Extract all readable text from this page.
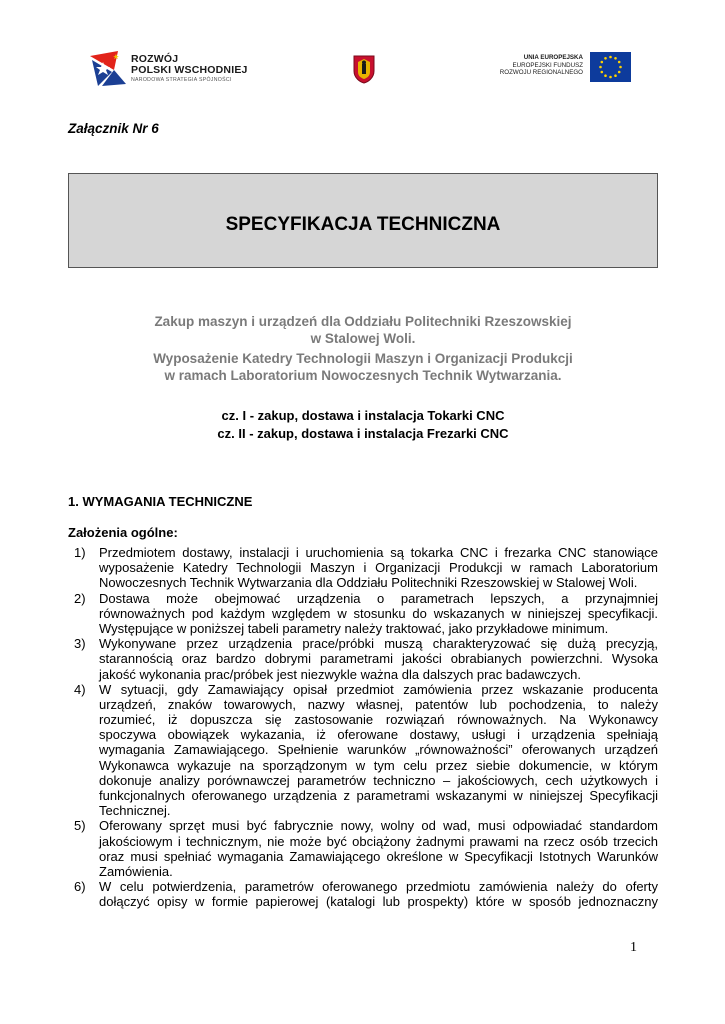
ROZWÓJ
POLSKI WSCHODNIEJ
NARODOWA STRATEGIA SPÓJNOŚCI
UNIA EUROPEJSKA
EUROPEJSKI FUNDUSZ
ROZWOJU REGIONALNEGO
Załącznik Nr 6
SPECYFIKACJA TECHNICZNA
Zakup maszyn i urządzeń dla Oddziału Politechniki Rzeszowskiej
w Stalowej Woli.
Wyposażenie Katedry Technologii Maszyn i Organizacji Produkcji
w ramach Laboratorium Nowoczesnych Technik Wytwarzania.
cz. I - zakup, dostawa i instalacja Tokarki CNC
cz. II - zakup, dostawa i instalacja Frezarki CNC
1. WYMAGANIA TECHNICZNE
Założenia ogólne:
1) Przedmiotem dostawy, instalacji i uruchomienia są tokarka CNC i frezarka CNC stanowiące
wyposażenie Katedry Technologii Maszyn i Organizacji Produkcji w ramach Laboratorium
Nowoczesnych Technik Wytwarzania dla Oddziału Politechniki Rzeszowskiej w Stalowej Woli.
2) Dostawa może obejmować urządzenia o parametrach lepszych, a przynajmniej
równoważnych pod każdym względem w stosunku do wskazanych w niniejszej specyfikacji.
Występujące w poniższej tabeli parametry należy traktować, jako przykładowe minimum.
3) Wykonywane przez urządzenia prace/próbki muszą charakteryzować się dużą precyzją,
starannością oraz bardzo dobrymi parametrami jakości obrabianych powierzchni. Wysoka
jakość wykonania prac/próbek jest niezwykle ważna dla dalszych prac badawczych.
4) W sytuacji, gdy Zamawiający opisał przedmiot zamówienia przez wskazanie producenta
urządzeń, znaków towarowych, nazwy własnej, patentów lub pochodzenia, to należy
rozumieć, iż dopuszcza się zastosowanie rozwiązań równoważnych. Na Wykonawcy
spoczywa obowiązek wykazania, iż oferowane dostawy, usługi i urządzenia spełniają
wymagania Zamawiającego. Spełnienie warunków „równoważności” oferowanych urządzeń
Wykonawca wykazuje na sporządzonym w tym celu przez siebie dokumencie, w którym
dokonuje analizy porównawczej parametrów techniczno – jakościowych, cech użytkowych i
funkcjonalnych oferowanego urządzenia z parametrami wskazanymi w niniejszej Specyfikacji
Technicznej.
5) Oferowany sprzęt musi być fabrycznie nowy, wolny od wad, musi odpowiadać standardom
jakościowym i technicznym, nie może być obciążony żadnymi prawami na rzecz osób trzecich
oraz musi spełniać wymagania Zamawiającego określone w Specyfikacji Istotnych Warunków
Zamówienia.
6) W celu potwierdzenia, parametrów oferowanego przedmiotu zamówienia należy do oferty
dołączyć opisy w formie papierowej (katalogi lub prospekty) które w sposób jednoznaczny
1
